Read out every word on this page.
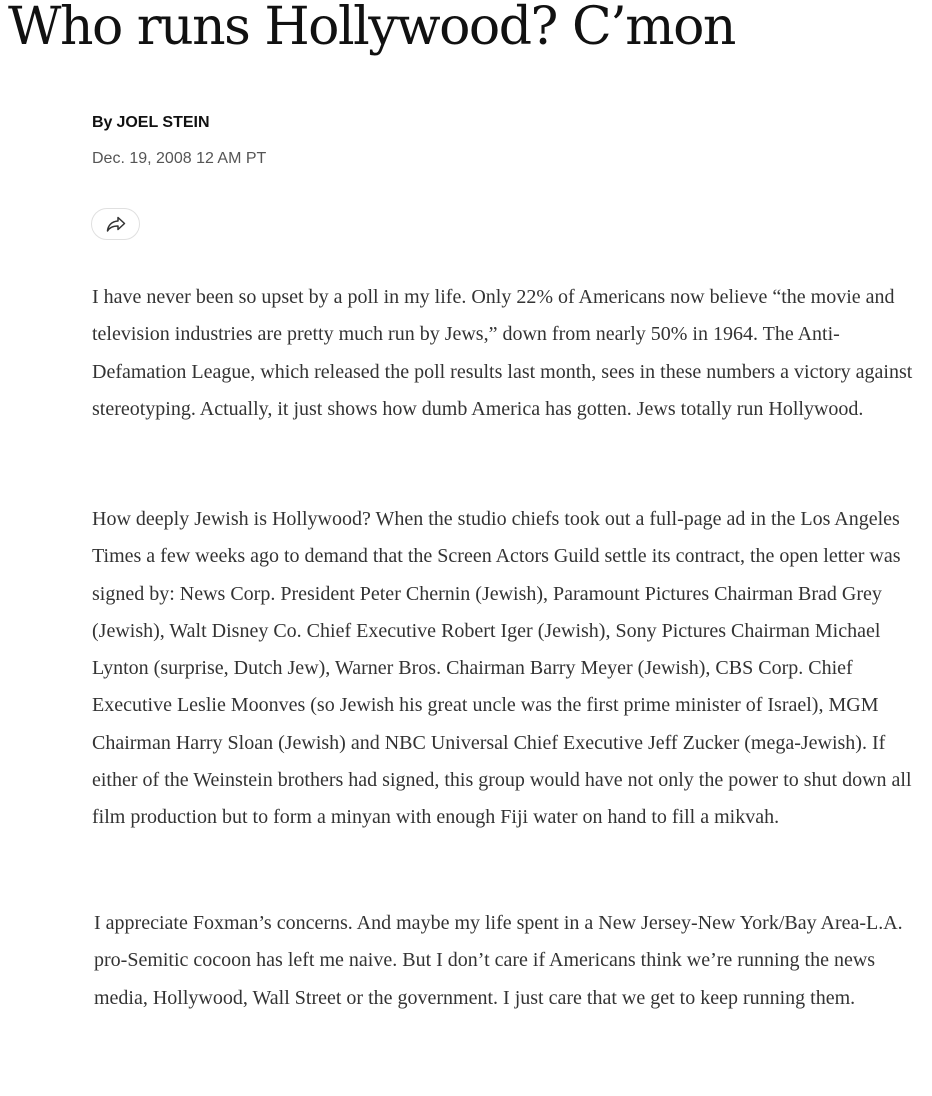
Who runs Hollywood? C’mon
By JOEL STEIN
Dec. 19, 2008 12 AM PT

I have never been so upset by a poll in my life. Only 22% of Americans now believe “the movie and television industries are pretty much run by Jews,” down from nearly 50% in 1964. The Anti-Defamation League, which released the poll results last month, sees in these numbers a victory against stereotyping. Actually, it just shows how dumb America has gotten. Jews totally run Hollywood.

How deeply Jewish is Hollywood? When the studio chiefs took out a full-page ad in the Los Angeles Times a few weeks ago to demand that the Screen Actors Guild settle its contract, the open letter was signed by: News Corp. President Peter Chernin (Jewish), Paramount Pictures Chairman Brad Grey (Jewish), Walt Disney Co. Chief Executive Robert Iger (Jewish), Sony Pictures Chairman Michael Lynton (surprise, Dutch Jew), Warner Bros. Chairman Barry Meyer (Jewish), CBS Corp. Chief Executive Leslie Moonves (so Jewish his great uncle was the first prime minister of Israel), MGM Chairman Harry Sloan (Jewish) and NBC Universal Chief Executive Jeff Zucker (mega-Jewish). If either of the Weinstein brothers had signed, this group would have not only the power to shut down all film production but to form a minyan with enough Fiji water on hand to fill a mikvah.

I appreciate Foxman’s concerns. And maybe my life spent in a New Jersey-New York/Bay Area-L.A. pro-Semitic cocoon has left me naive. But I don’t care if Americans think we’re running the news media, Hollywood, Wall Street or the government. I just care that we get to keep running them.
